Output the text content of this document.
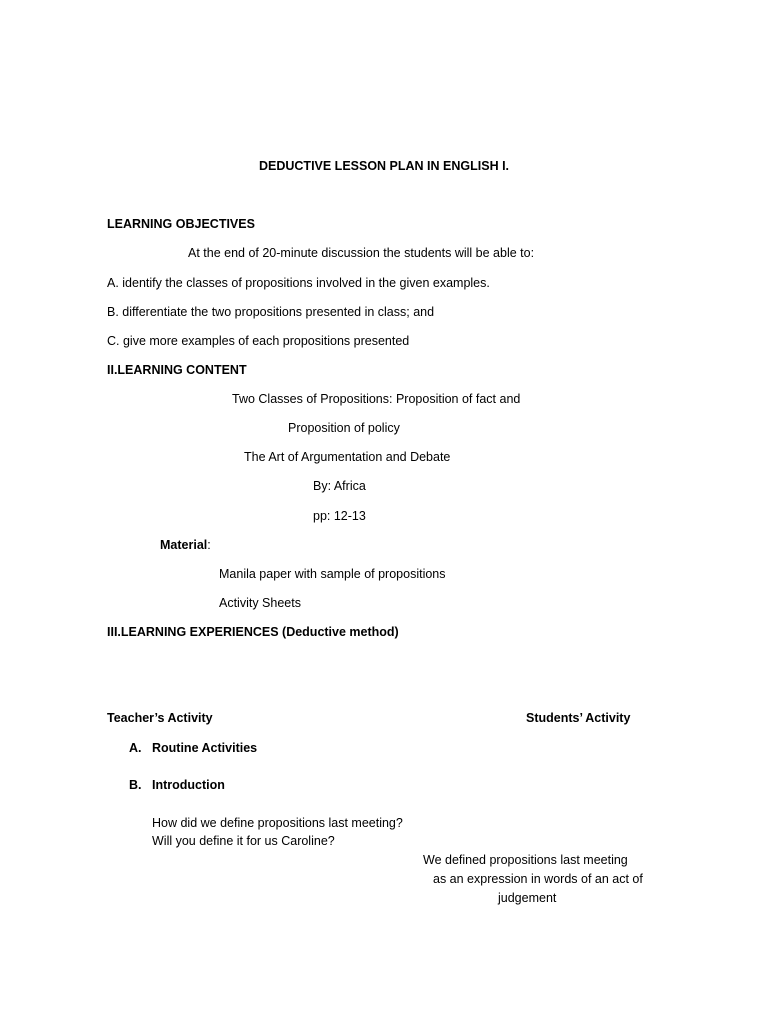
DEDUCTIVE LESSON PLAN IN ENGLISH I.
LEARNING OBJECTIVES
At the end of 20-minute discussion the students will be able to:
A. identify the classes of propositions involved in the given examples.
B. differentiate the two propositions presented in class; and
C. give more examples of each propositions presented
II.LEARNING CONTENT
Two Classes of Propositions: Proposition of fact and
Proposition of policy
The Art of Argumentation and Debate
By: Africa
pp: 12-13
Material:
Manila paper with sample of propositions
Activity Sheets
III.LEARNING EXPERIENCES (Deductive method)
Teacher’s Activity	Students’ Activity
A. Routine Activities
B. Introduction
How did we define propositions last meeting?
Will you define it for us Caroline?
We defined propositions last meeting
as an expression in words of an act of
judgement
